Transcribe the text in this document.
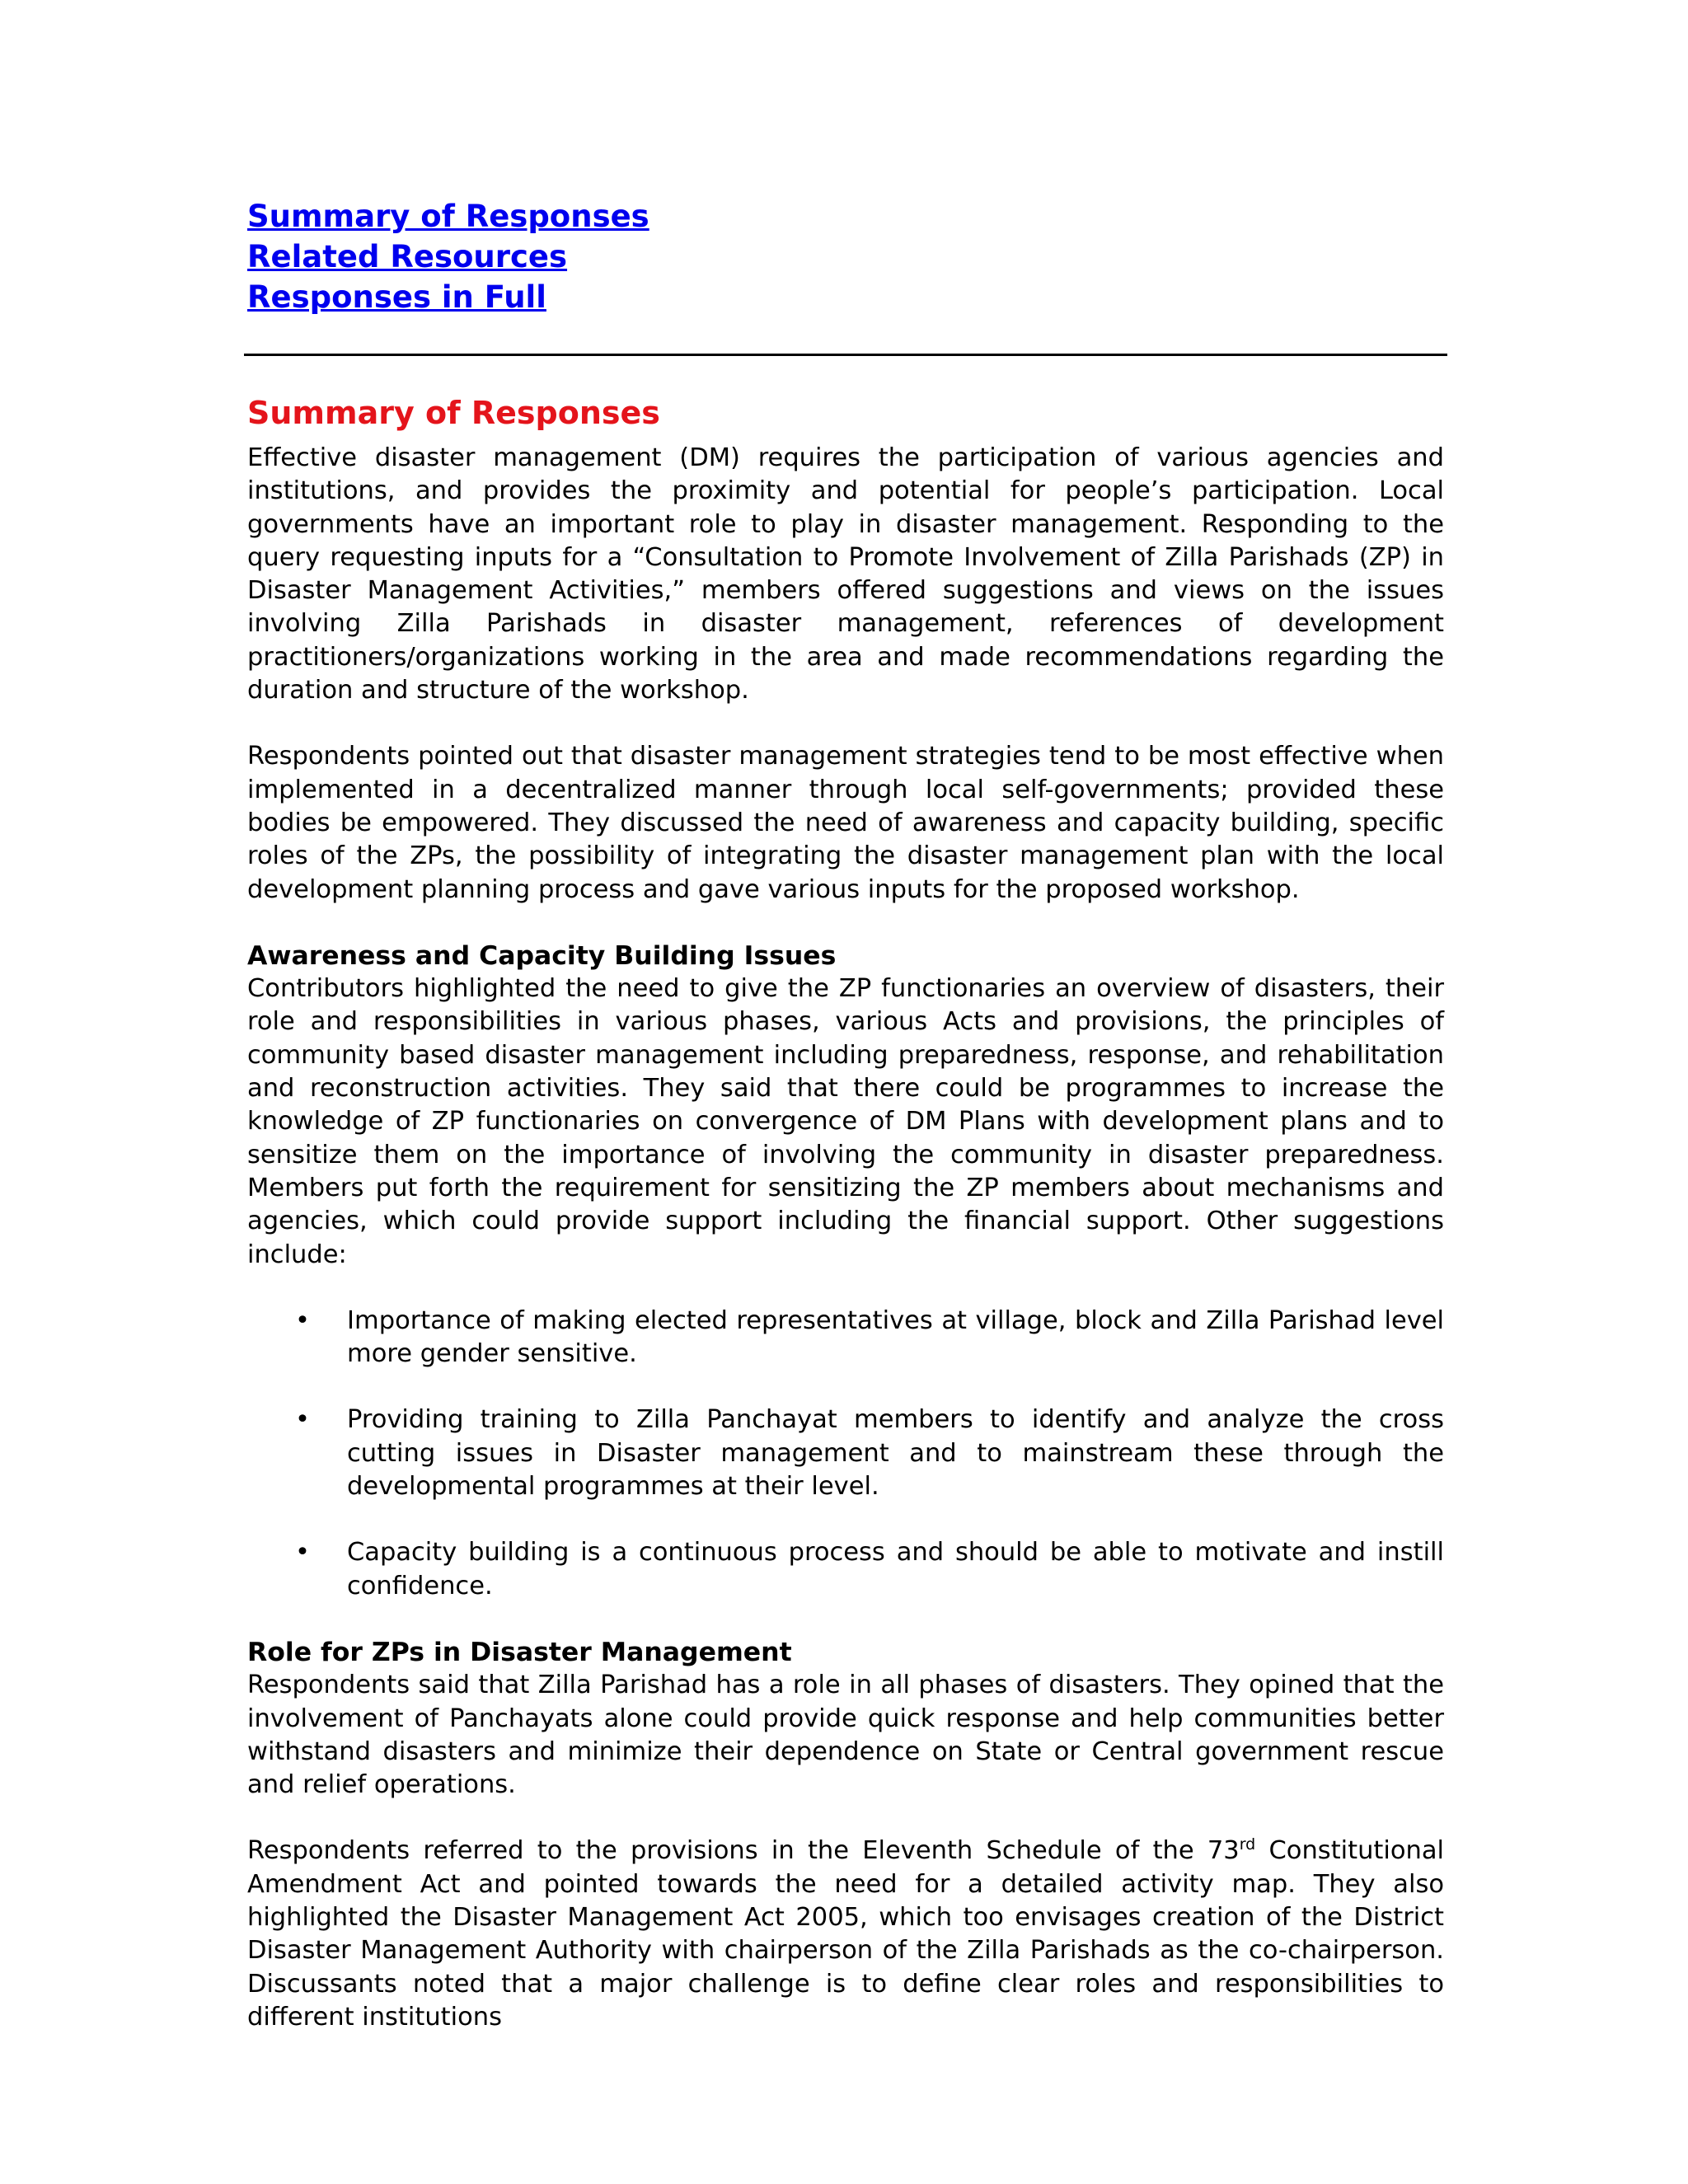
Summary of Responses
Related Resources
Responses in Full
Summary of Responses

Effective disaster management (DM) requires the participation of various agencies and institutions, and provides the proximity and potential for people’s participation. Local governments have an important role to play in disaster management. Responding to the query requesting inputs for a “Consultation to Promote Involvement of Zilla Parishads (ZP) in Disaster Management Activities,” members offered suggestions and views on the issues involving Zilla Parishads in disaster management, references of development practitioners/organizations working in the area and made recommendations regarding the duration and structure of the workshop.

Respondents pointed out that disaster management strategies tend to be most effective when implemented in a decentralized manner through local self-governments; provided these bodies be empowered. They discussed the need of awareness and capacity building, specific roles of the ZPs, the possibility of integrating the disaster management plan with the local development planning process and gave various inputs for the proposed workshop.

Awareness and Capacity Building Issues

Contributors highlighted the need to give the ZP functionaries an overview of disasters, their role and responsibilities in various phases, various Acts and provisions, the principles of community based disaster management including preparedness, response, and rehabilitation and reconstruction activities. They said that there could be programmes to increase the knowledge of ZP functionaries on convergence of DM Plans with development plans and to sensitize them on the importance of involving the community in disaster preparedness. Members put forth the requirement for sensitizing the ZP members about mechanisms and agencies, which could provide support including the financial support. Other suggestions include:

• Importance of making elected representatives at village, block and Zilla Parishad level more gender sensitive.
• Providing training to Zilla Panchayat members to identify and analyze the cross cutting issues in Disaster management and to mainstream these through the developmental programmes at their level.
• Capacity building is a continuous process and should be able to motivate and instill confidence.
Role for ZPs in Disaster Management

Respondents said that Zilla Parishad has a role in all phases of disasters. They opined that the involvement of Panchayats alone could provide quick response and help communities better withstand disasters and minimize their dependence on State or Central government rescue and relief operations.

Respondents referred to the provisions in the Eleventh Schedule of the 73rd Constitutional Amendment Act and pointed towards the need for a detailed activity map. They also highlighted the Disaster Management Act 2005, which too envisages creation of the District Disaster Management Authority with chairperson of the Zilla Parishads as the co-chairperson. Discussants noted that a major challenge is to define clear roles and responsibilities to different institutions
